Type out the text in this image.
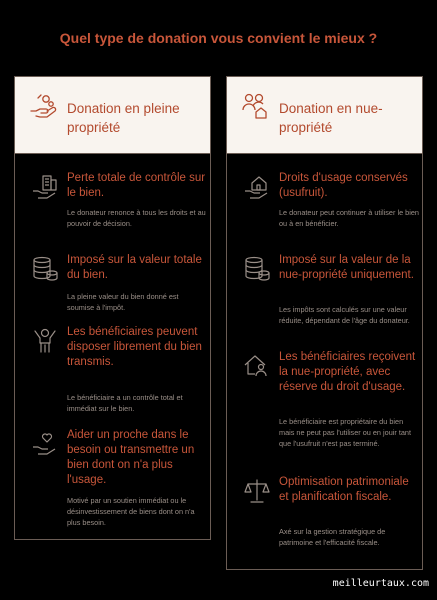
Quel type de donation vous convient le mieux ?
Donation en pleine propriété
Perte totale de contrôle sur le bien.
Le donateur renonce à tous les droits et au pouvoir de décision.
Imposé sur la valeur totale du bien.
La pleine valeur du bien donné est soumise à l'impôt.
Les bénéficiaires peuvent disposer librement du bien transmis.
Le bénéficiaire a un contrôle total et immédiat sur le bien.
Aider un proche dans le besoin ou transmettre un bien dont on n'a plus l'usage.
Motivé par un soutien immédiat ou le désinvestissement de biens dont on n'a plus besoin.
Donation en nue-propriété
Droits d'usage conservés (usufruit).
Le donateur peut continuer à utiliser le bien ou à en bénéficier.
Imposé sur la valeur de la nue-propriété uniquement.
Les impôts sont calculés sur une valeur réduite, dépendant de l'âge du donateur.
Les bénéficiaires reçoivent la nue-propriété, avec réserve du droit d'usage.
Le bénéficiaire est propriétaire du bien mais ne peut pas l'utiliser ou en jouir tant que l'usufruit n'est pas terminé.
Optimisation patrimoniale et planification fiscale.
Axé sur la gestion stratégique de patrimoine et l'efficacité fiscale.
meilleurtaux.com
